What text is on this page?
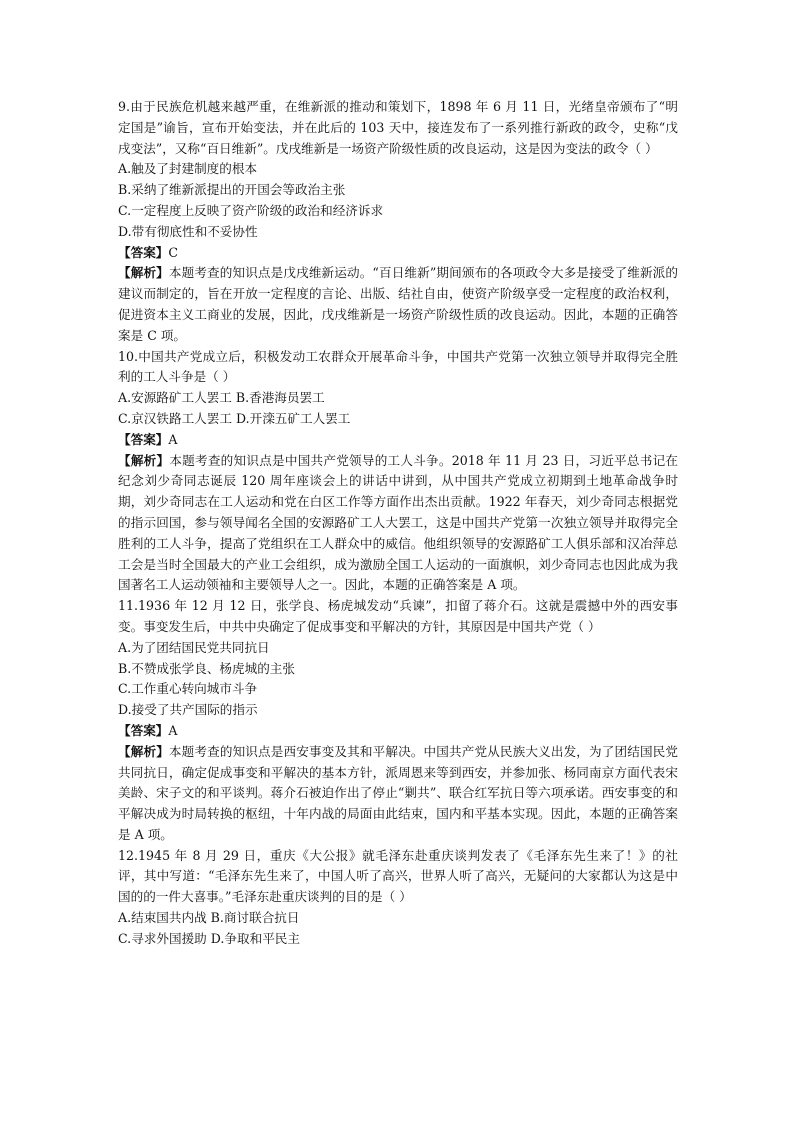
9.由于民族危机越来越严重，在维新派的推动和策划下，1898 年 6 月 11 日，光绪皇帝颁布了“明定国是”谕旨，宣布开始变法，并在此后的 103 天中，接连发布了一系列推行新政的政令，史称“戊戌变法”，又称“百日维新”。戊戌维新是一场资产阶级性质的改良运动，这是因为变法的政令（ ）

A.触及了封建制度的根本

B.采纳了维新派提出的开国会等政治主张

C.一定程度上反映了资产阶级的政治和经济诉求

D.带有彻底性和不妥协性

【答案】C

【解析】本题考查的知识点是戊戌维新运动。“百日维新”期间颁布的各项政令大多是接受了维新派的建议而制定的，旨在开放一定程度的言论、出版、结社自由，使资产阶级享受一定程度的政治权利，促进资本主义工商业的发展，因此，戊戌维新是一场资产阶级性质的改良运动。因此，本题的正确答案是 C 项。

10.中国共产党成立后，积极发动工农群众开展革命斗争，中国共产党第一次独立领导并取得完全胜利的工人斗争是（ ）

A.安源路矿工人罢工 B.香港海员罢工

C.京汉铁路工人罢工 D.开滦五矿工人罢工

【答案】A

【解析】本题考查的知识点是中国共产党领导的工人斗争。2018 年 11 月 23 日，习近平总书记在纪念刘少奇同志诞辰 120 周年座谈会上的讲话中讲到，从中国共产党成立初期到土地革命战争时期，刘少奇同志在工人运动和党在白区工作等方面作出杰出贡献。1922 年春天，刘少奇同志根据党的指示回国，参与领导闻名全国的安源路矿工人大罢工，这是中国共产党第一次独立领导并取得完全胜利的工人斗争，提高了党组织在工人群众中的威信。他组织领导的安源路矿工人俱乐部和汉冶萍总工会是当时全国最大的产业工会组织，成为激励全国工人运动的一面旗帜，刘少奇同志也因此成为我国著名工人运动领袖和主要领导人之一。因此，本题的正确答案是 A 项。

11.1936 年 12 月 12 日，张学良、杨虎城发动“兵谏”，扣留了蒋介石。这就是震撼中外的西安事变。事变发生后，中共中央确定了促成事变和平解决的方针，其原因是中国共产党（ ）

A.为了团结国民党共同抗日

B.不赞成张学良、杨虎城的主张

C.工作重心转向城市斗争

D.接受了共产国际的指示

【答案】A

【解析】本题考查的知识点是西安事变及其和平解决。中国共产党从民族大义出发，为了团结国民党共同抗日，确定促成事变和平解决的基本方针，派周恩来等到西安，并参加张、杨同南京方面代表宋美龄、宋子文的和平谈判。蒋介石被迫作出了停止“剿共”、联合红军抗日等六项承诺。西安事变的和平解决成为时局转换的枢纽，十年内战的局面由此结束，国内和平基本实现。因此，本题的正确答案是 A 项。

12.1945 年 8 月 29 日，重庆《大公报》就毛泽东赴重庆谈判发表了《毛泽东先生来了！》的社评，其中写道：“毛泽东先生来了，中国人听了高兴，世界人听了高兴，无疑问的大家都认为这是中国的的一件大喜事。”毛泽东赴重庆谈判的目的是（ ）

A.结束国共内战 B.商讨联合抗日

C.寻求外国援助 D.争取和平民主
